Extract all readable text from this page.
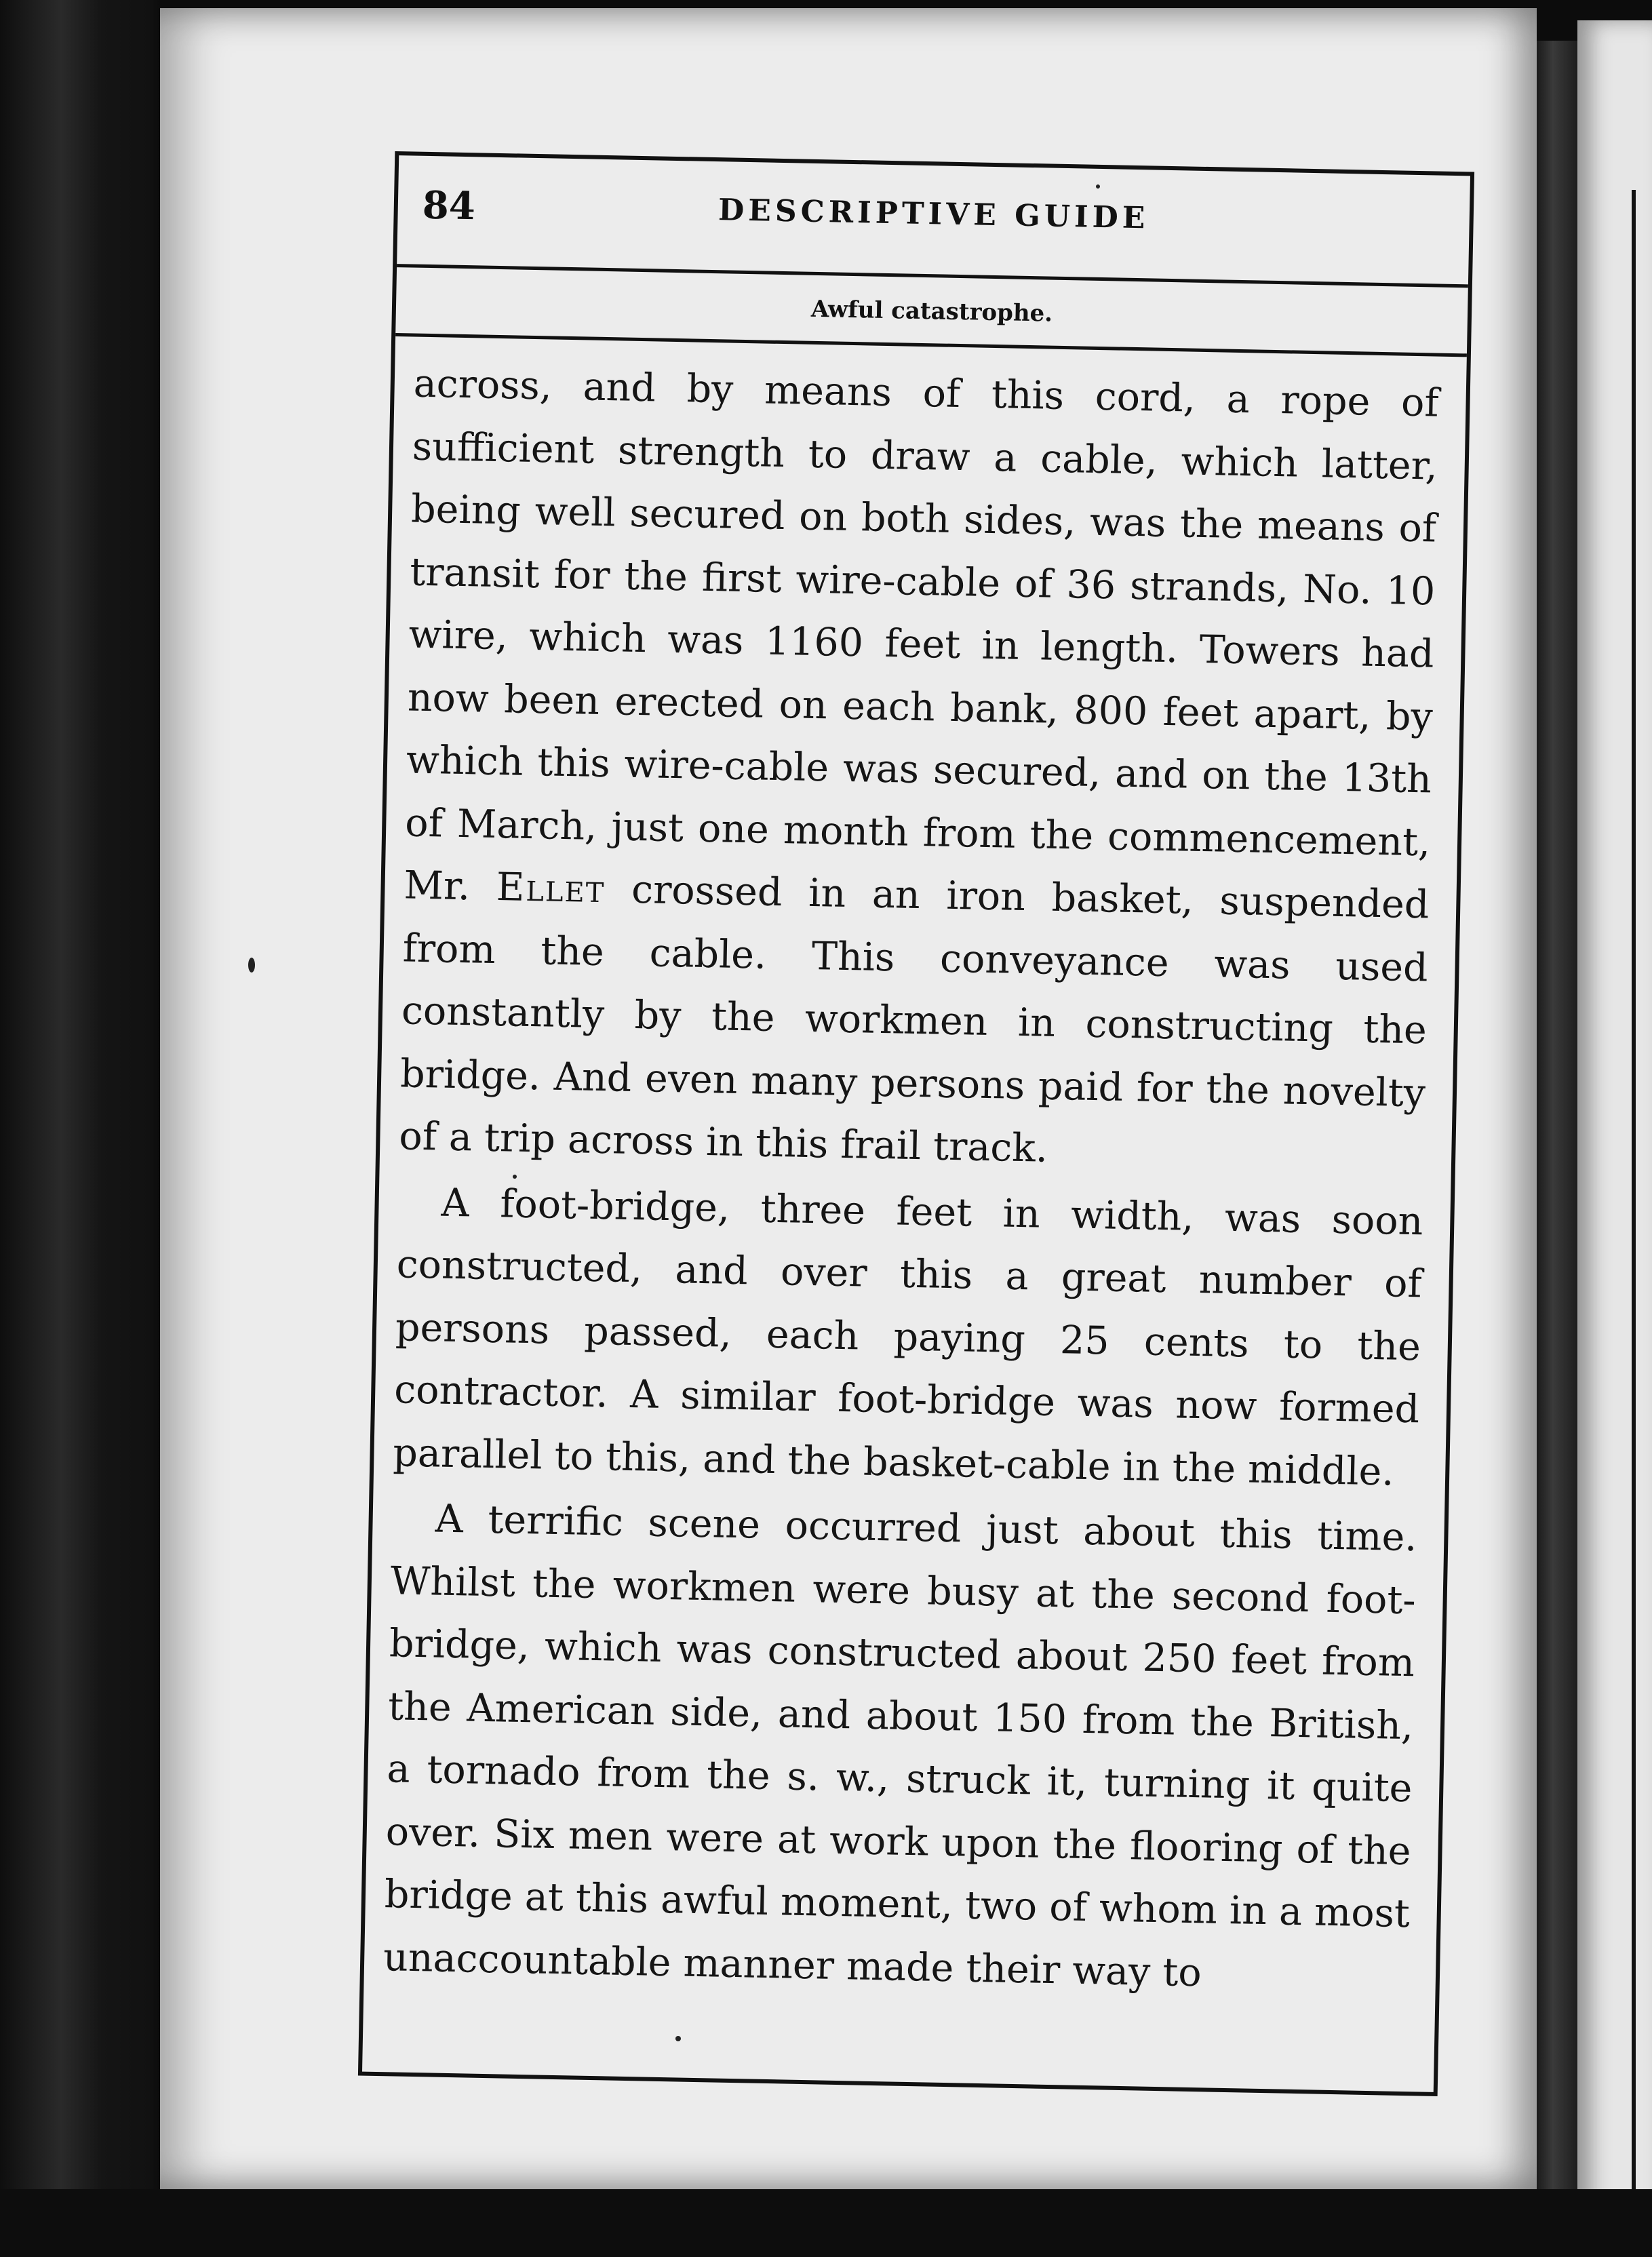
84	DESCRIPTIVE GUIDE
Awful catastrophe.

across, and by means of this cord, a rope of sufficient strength to draw a cable, which latter, being well secured on both sides, was the means of transit for the first wire-cable of 36 strands, No. 10 wire, which was 1160 feet in length. Towers had now been erected on each bank, 800 feet apart, by which this wire-cable was secured, and on the 13th of March, just one month from the commencement, Mr. Ellet crossed in an iron basket, suspended from the cable. This conveyance was used constantly by the workmen in constructing the bridge. And even many persons paid for the novelty of a trip across in this frail track.

A foot-bridge, three feet in width, was soon constructed, and over this a great number of persons passed, each paying 25 cents to the contractor. A similar foot-bridge was now formed parallel to this, and the basket-cable in the middle.

A terrific scene occurred just about this time. Whilst the workmen were busy at the second foot-bridge, which was constructed about 250 feet from the American side, and about 150 from the British, a tornado from the s. w., struck it, turning it quite over. Six men were at work upon the flooring of the bridge at this awful moment, two of whom in a most unaccountable manner made their way to
